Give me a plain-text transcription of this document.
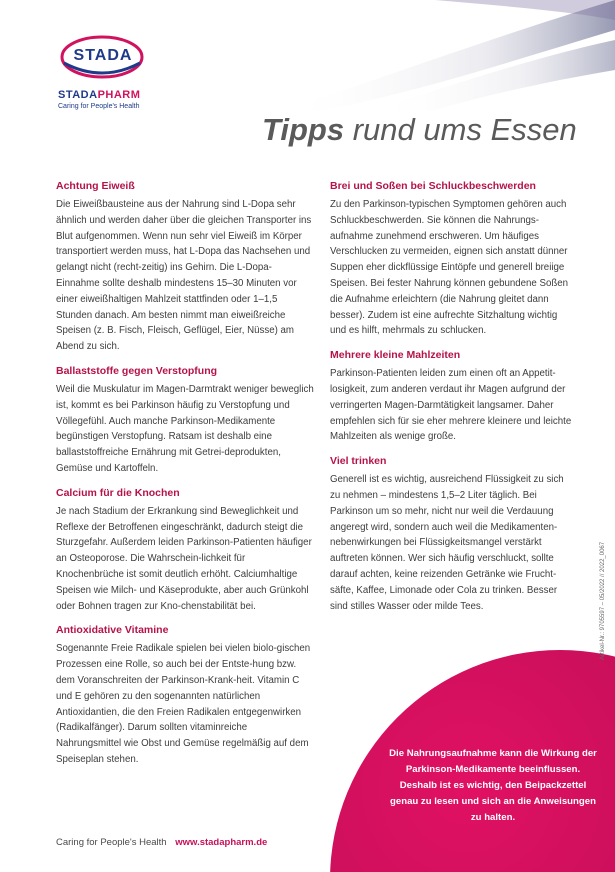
STADA
STADAPHARM
Caring for People's Health
Tipps rund ums Essen
Achtung Eiweiß

Die Eiweißbausteine aus der Nahrung sind L-Dopa sehr ähnlich und werden daher über die gleichen Transporter ins Blut aufgenommen. Wenn nun sehr viel Eiweiß im Körper transportiert werden muss, hat L-Dopa das Nachsehen und gelangt nicht (recht-zeitig) ins Gehirn. Die L-Dopa-Einnahme sollte deshalb mindestens 15–30 Minuten vor einer eiweißhaltigen Mahlzeit stattfinden oder 1–1,5 Stunden danach. Am besten nimmt man eiweißreiche Speisen (z. B. Fisch, Fleisch, Geflügel, Eier, Nüsse) am Abend zu sich.

Ballaststoffe gegen Verstopfung

Weil die Muskulatur im Magen-Darmtrakt weniger beweglich ist, kommt es bei Parkinson häufig zu Verstopfung und Völlegefühl. Auch manche Parkinson-Medikamente begünstigen Verstopfung. Ratsam ist deshalb eine ballaststoffreiche Ernährung mit Getrei-deprodukten, Gemüse und Kartoffeln.

Calcium für die Knochen

Je nach Stadium der Erkrankung sind Beweglichkeit und Reflexe der Betroffenen eingeschränkt, dadurch steigt die Sturzgefahr. Außerdem leiden Parkinson-Patienten häufiger an Osteoporose. Die Wahrschein-lichkeit für Knochenbrüche ist somit deutlich erhöht. Calciumhaltige Speisen wie Milch- und Käseprodukte, aber auch Grünkohl oder Bohnen tragen zur Kno-chenstabilität bei.

Antioxidative Vitamine

Sogenannte Freie Radikale spielen bei vielen biolo-gischen Prozessen eine Rolle, so auch bei der Entste-hung bzw. dem Voranschreiten der Parkinson-Krank-heit. Vitamin C und E gehören zu den sogenannten natürlichen Antioxidantien, die den Freien Radikalen entgegenwirken (Radikalfänger). Darum sollten vitaminreiche Nahrungsmittel wie Obst und Gemüse regelmäßig auf dem Speiseplan stehen.

Brei und Soßen bei Schluckbeschwerden

Zu den Parkinson-typischen Symptomen gehören auch Schluckbeschwerden. Sie können die Nahrungs-aufnahme zunehmend erschweren. Um häufiges Verschlucken zu vermeiden, eignen sich anstatt dünner Suppen eher dickflüssige Eintöpfe und generell breiige Speisen. Bei fester Nahrung können gebundene Soßen die Aufnahme erleichtern (die Nahrung gleitet dann besser). Zudem ist eine aufrechte Sitzhaltung wichtig und es hilft, mehrmals zu schlucken.

Mehrere kleine Mahlzeiten

Parkinson-Patienten leiden zum einen oft an Appetit-losigkeit, zum anderen verdaut ihr Magen aufgrund der verringerten Magen-Darmtätigkeit langsamer. Daher empfehlen sich für sie eher mehrere kleinere und leichte Mahlzeiten als wenige große.

Viel trinken

Generell ist es wichtig, ausreichend Flüssigkeit zu sich zu nehmen – mindestens 1,5–2 Liter täglich. Bei Parkinson um so mehr, nicht nur weil die Verdauung angeregt wird, sondern auch weil die Medikamenten-nebenwirkungen bei Flüssigkeitsmangel verstärkt auftreten können. Wer sich häufig verschluckt, sollte darauf achten, keine reizenden Getränke wie Frucht-säfte, Kaffee, Limonade oder Cola zu trinken. Besser sind stilles Wasser oder milde Tees.

Die Nahrungsaufnahme kann die Wirkung der Parkinson-Medikamente beeinflussen. Deshalb ist es wichtig, den Beipackzettel genau zu lesen und sich an die Anweisungen zu halten.
Artikel-Nr.: 9705597 – 05/2022 // 2022_0067
Caring for People's Health www.stadapharm.de
